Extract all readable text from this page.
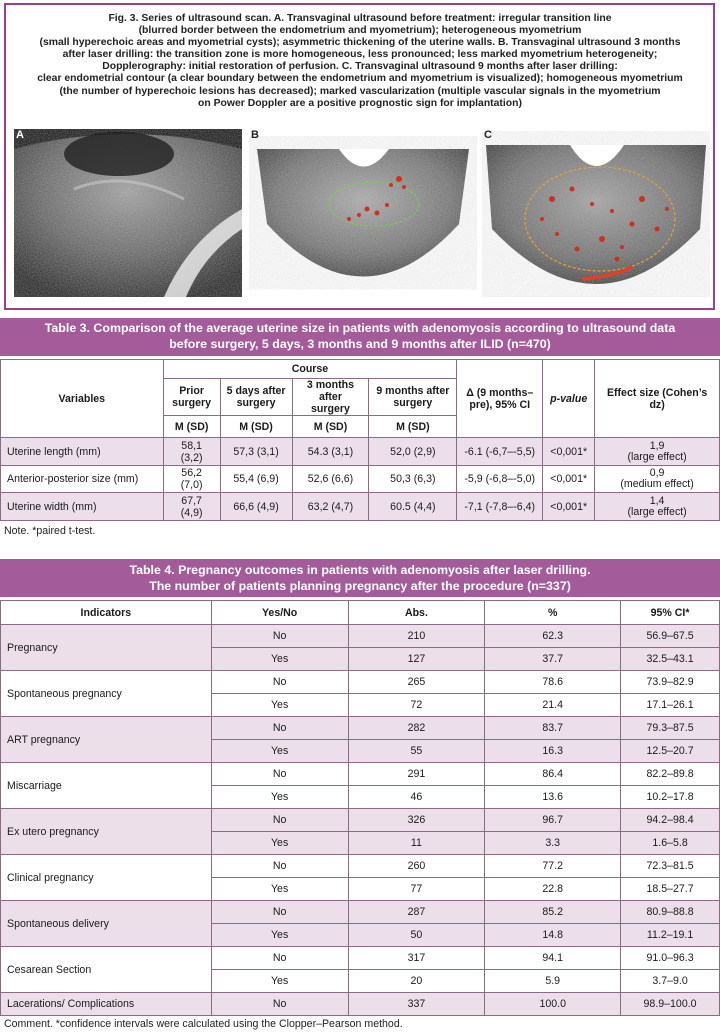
Fig. 3. Series of ultrasound scan. A. Transvaginal ultrasound before treatment: irregular transition line
(blurred border between the endometrium and myometrium); heterogeneous myometrium
(small hyperechoic areas and myometrial cysts); asymmetric thickening of the uterine walls. B. Transvaginal ultrasound 3 months
after laser drilling: the transition zone is more homogeneous, less pronounced; less marked myometrium heterogeneity;
Dopplerography: initial restoration of perfusion. C. Transvaginal ultrasound 9 months after laser drilling:
clear endometrial contour (a clear boundary between the endometrium and myometrium is visualized); homogeneous myometrium
(the number of hyperechoic lesions has decreased); marked vascularization (multiple vascular signals in the myometrium
on Power Doppler are a positive prognostic sign for implantation)
A	B	C
Table 3. Comparison of the average uterine size in patients with adenomyosis according to ultrasound data
before surgery, 5 days, 3 months and 9 months after ILID (n=470)
Variables	Course				Δ (9 months–pre), 95% CI	p-value	Effect size (Cohen’s dz)
	Prior surgery	5 days after surgery	3 months after surgery	9 months after surgery			
	M (SD)	M (SD)	M (SD)	M (SD)			
Uterine length (mm)	58,1 (3,2)	57,3 (3,1)	54.3 (3,1)	52,0 (2,9)	-6.1 (-6,7–-5,5)	<0,001*	1,9
(large effect)

Anterior-posterior size (mm)	56,2 (7,0)	55,4 (6,9)	52,6 (6,6)	50,3 (6,3)	-5,9 (-6,8–-5,0)	<0,001*	0,9
(medium effect)

Uterine width (mm)	67,7 (4,9)	66,6 (4,9)	63,2 (4,7)	60.5 (4,4)	-7,1 (-7,8–-6,4)	<0,001*	1,4
(large effect)
Note. *paired t-test.
Table 4. Pregnancy outcomes in patients with adenomyosis after laser drilling.
The number of patients planning pregnancy after the procedure (n=337)
Indicators	Yes/No	Abs.	%	95% CI*
Pregnancy	No	210	62.3	56.9–67.5
	Yes	127	37.7	32.5–43.1
Spontaneous pregnancy	No	265	78.6	73.9–82.9
	Yes	72	21.4	17.1–26.1
ART pregnancy	No	282	83.7	79.3–87.5
	Yes	55	16.3	12.5–20.7
Miscarriage	No	291	86.4	82.2–89.8
	Yes	46	13.6	10.2–17.8
Ex utero pregnancy	No	326	96.7	94.2–98.4
	Yes	11	3.3	1.6–5.8
Clinical pregnancy	No	260	77.2	72.3–81.5
	Yes	77	22.8	18.5–27.7
Spontaneous delivery	No	287	85.2	80.9–88.8
	Yes	50	14.8	11.2–19.1
Cesarean Section	No	317	94.1	91.0–96.3
	Yes	20	5.9	3.7–9.0
Lacerations/ Complications	No	337	100.0	98.9–100.0
Comment. *confidence intervals were calculated using the Clopper–Pearson method.
